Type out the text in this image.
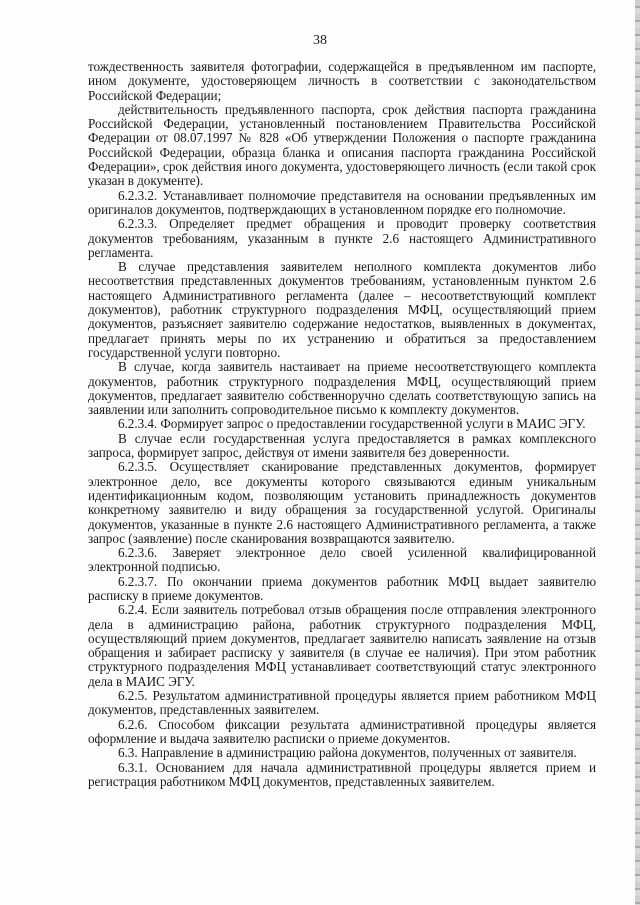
38

тождественность заявителя фотографии, содержащейся в предъявленном им паспорте, ином документе, удостоверяющем личность в соответствии с законодательством Российской Федерации;

действительность предъявленного паспорта, срок действия паспорта гражданина Российской Федерации, установленный постановлением Правительства Российской Федерации от 08.07.1997 № 828 «Об утверждении Положения о паспорте гражданина Российской Федерации, образца бланка и описания паспорта гражданина Российской Федерации», срок действия иного документа, удостоверяющего личность (если такой срок указан в документе).

6.2.3.2. Устанавливает полномочие представителя на основании предъявленных им оригиналов документов, подтверждающих в установленном порядке его полномочие.

6.2.3.3. Определяет предмет обращения и проводит проверку соответствия документов требованиям, указанным в пункте 2.6 настоящего Административного регламента.

В случае представления заявителем неполного комплекта документов либо несоответствия представленных документов требованиям, установленным пунктом 2.6 настоящего Административного регламента (далее – несоответствующий комплект документов), работник структурного подразделения МФЦ, осуществляющий прием документов, разъясняет заявителю содержание недостатков, выявленных в документах, предлагает принять меры по их устранению и обратиться за предоставлением государственной услуги повторно.

В случае, когда заявитель настаивает на приеме несоответствующего комплекта документов, работник структурного подразделения МФЦ, осуществляющий прием документов, предлагает заявителю собственноручно сделать соответствующую запись на заявлении или заполнить сопроводительное письмо к комплекту документов.

6.2.3.4. Формирует запрос о предоставлении государственной услуги в МАИС ЭГУ.

В случае если государственная услуга предоставляется в рамках комплексного запроса, формирует запрос, действуя от имени заявителя без доверенности.

6.2.3.5. Осуществляет сканирование представленных документов, формирует электронное дело, все документы которого связываются единым уникальным идентификационным кодом, позволяющим установить принадлежность документов конкретному заявителю и виду обращения за государственной услугой. Оригиналы документов, указанные в пункте 2.6 настоящего Административного регламента, а также запрос (заявление) после сканирования возвращаются заявителю.

6.2.3.6. Заверяет электронное дело своей усиленной квалифицированной электронной подписью.

6.2.3.7. По окончании приема документов работник МФЦ выдает заявителю расписку в приеме документов.

6.2.4. Если заявитель потребовал отзыв обращения после отправления электронного дела в администрацию района, работник структурного подразделения МФЦ, осуществляющий прием документов, предлагает заявителю написать заявление на отзыв обращения и забирает расписку у заявителя (в случае ее наличия). При этом работник структурного подразделения МФЦ устанавливает соответствующий статус электронного дела в МАИС ЭГУ.

6.2.5. Результатом административной процедуры является прием работником МФЦ документов, представленных заявителем.

6.2.6. Способом фиксации результата административной процедуры является оформление и выдача заявителю расписки о приеме документов.

6.3. Направление в администрацию района документов, полученных от заявителя.

6.3.1. Основанием для начала административной процедуры является прием и регистрация работником МФЦ документов, представленных заявителем.
